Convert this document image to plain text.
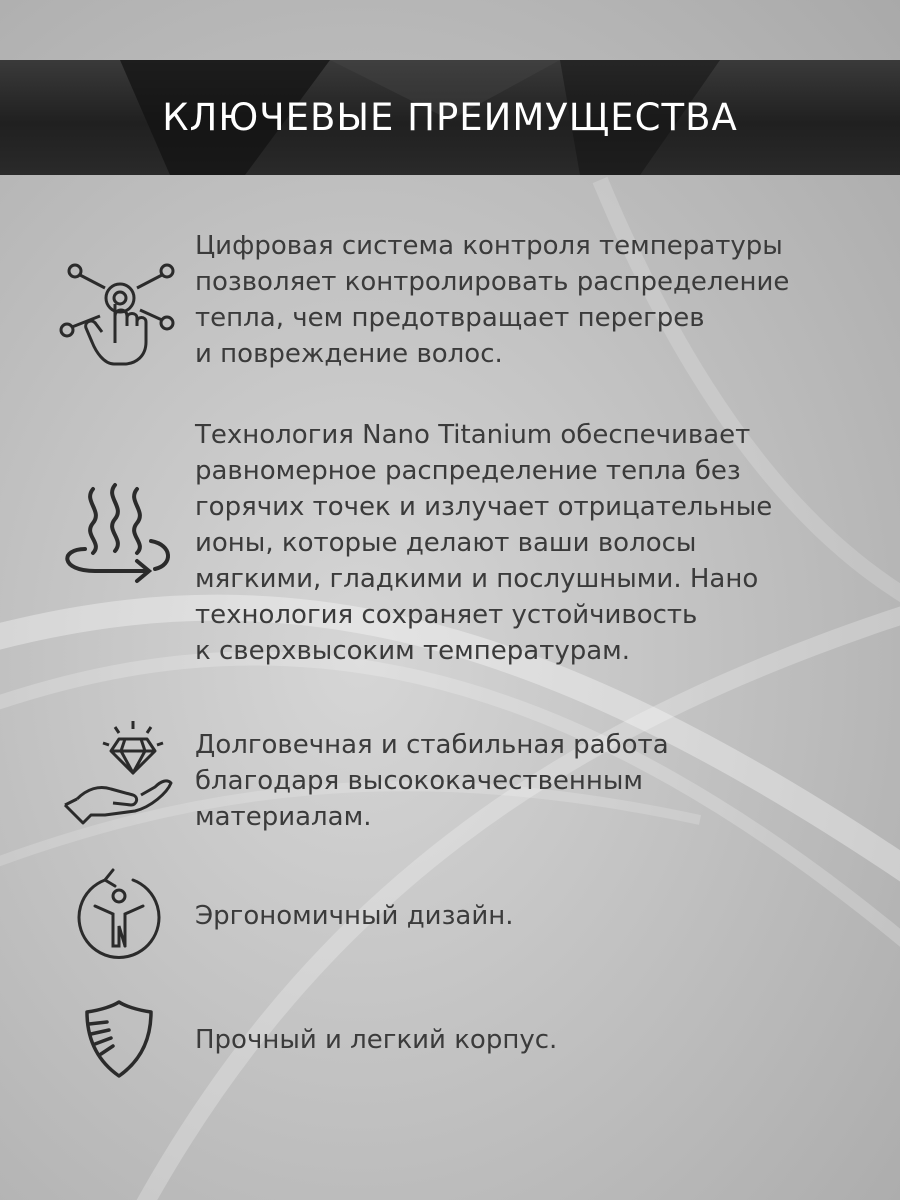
КЛЮЧЕВЫЕ ПРЕИМУЩЕСТВА
Цифровая система контроля температуры
позволяет контролировать распределение
тепла, чем предотвращает перегрев
и повреждение волос.
Технология Nano Titanium обеспечивает
равномерное распределение тепла без
горячих точек и излучает отрицательные
ионы, которые делают ваши волосы
мягкими, гладкими и послушными. Нано
технология сохраняет устойчивость
к сверхвысоким температурам.
Долговечная и стабильная работа
благодаря высококачественным
материалам.
Эргономичный дизайн.
Прочный и легкий корпус.
